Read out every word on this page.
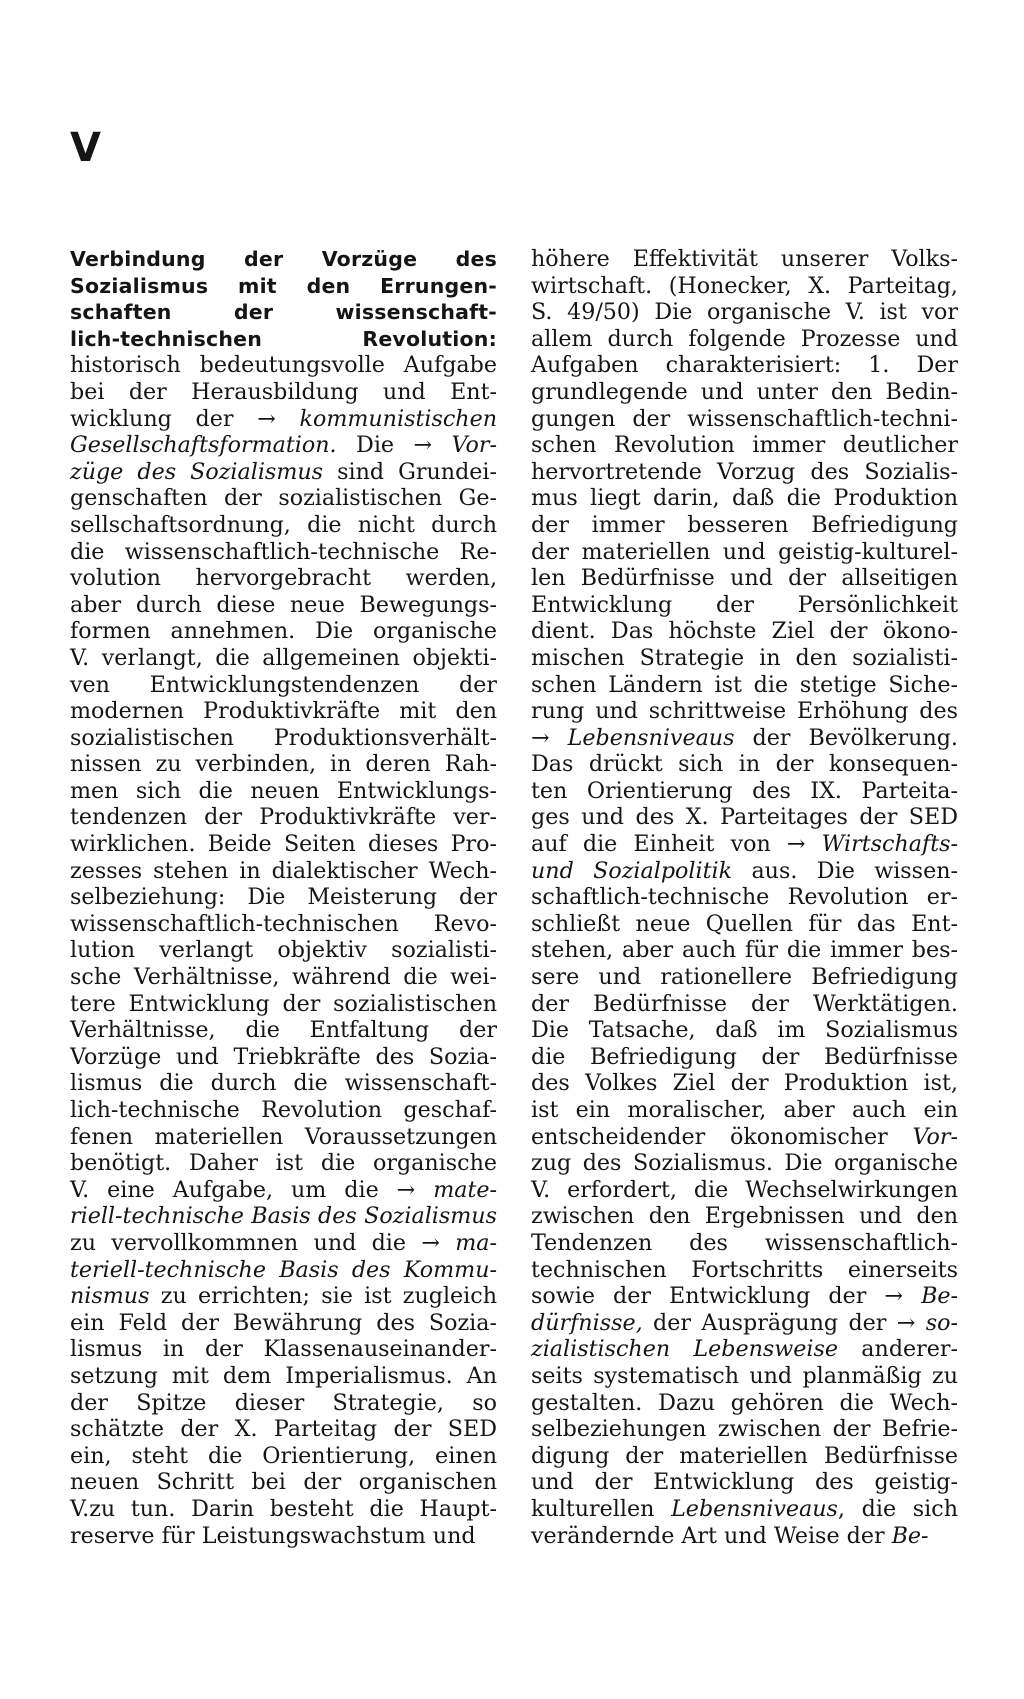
V
Verbindung der Vorzüge des
Sozialismus mit den Errungen-
schaften der wissenschaft-
lich-technischen Revolution:
historisch bedeutungsvolle Aufgabe
bei der Herausbildung und Ent-
wicklung der → kommunistischen
Gesellschaftsformation. Die → Vor-
züge des Sozialismus sind Grundei-
genschaften der sozialistischen Ge-
sellschaftsordnung, die nicht durch
die wissenschaftlich-technische Re-
volution hervorgebracht werden,
aber durch diese neue Bewegungs-
formen annehmen. Die organische
V. verlangt, die allgemeinen objekti-
ven Entwicklungstendenzen der
modernen Produktivkräfte mit den
sozialistischen Produktionsverhält-
nissen zu verbinden, in deren Rah-
men sich die neuen Entwicklungs-
tendenzen der Produktivkräfte ver-
wirklichen. Beide Seiten dieses Pro-
zesses stehen in dialektischer Wech-
selbeziehung: Die Meisterung der
wissenschaftlich-technischen Revo-
lution verlangt objektiv sozialisti-
sche Verhältnisse, während die wei-
tere Entwicklung der sozialistischen
Verhältnisse, die Entfaltung der
Vorzüge und Triebkräfte des Sozia-
lismus die durch die wissenschaft-
lich-technische Revolution geschaf-
fenen materiellen Voraussetzungen
benötigt. Daher ist die organische
V. eine Aufgabe, um die → mate-
riell-technische Basis des Sozialismus
zu vervollkommnen und die → ma-
teriell-technische Basis des Kommu-
nismus zu errichten; sie ist zugleich
ein Feld der Bewährung des Sozia-
lismus in der Klassenauseinander-
setzung mit dem Imperialismus. An
der Spitze dieser Strategie, so
schätzte der X. Parteitag der SED
ein, steht die Orientierung, einen
neuen Schritt bei der organischen
V.zu tun. Darin besteht die Haupt-
reserve für Leistungswachstum und
höhere Effektivität unserer Volks-
wirtschaft. (Honecker, X. Parteitag,
S. 49/50) Die organische V. ist vor
allem durch folgende Prozesse und
Aufgaben charakterisiert: 1. Der
grundlegende und unter den Bedin-
gungen der wissenschaftlich-techni-
schen Revolution immer deutlicher
hervortretende Vorzug des Sozialis-
mus liegt darin, daß die Produktion
der immer besseren Befriedigung
der materiellen und geistig-kulturel-
len Bedürfnisse und der allseitigen
Entwicklung der Persönlichkeit
dient. Das höchste Ziel der ökono-
mischen Strategie in den sozialisti-
schen Ländern ist die stetige Siche-
rung und schrittweise Erhöhung des
→ Lebensniveaus der Bevölkerung.
Das drückt sich in der konsequen-
ten Orientierung des IX. Parteita-
ges und des X. Parteitages der SED
auf die Einheit von → Wirtschafts-
und Sozialpolitik aus. Die wissen-
schaftlich-technische Revolution er-
schließt neue Quellen für das Ent-
stehen, aber auch für die immer bes-
sere und rationellere Befriedigung
der Bedürfnisse der Werktätigen.
Die Tatsache, daß im Sozialismus
die Befriedigung der Bedürfnisse
des Volkes Ziel der Produktion ist,
ist ein moralischer, aber auch ein
entscheidender ökonomischer Vor-
zug des Sozialismus. Die organische
V. erfordert, die Wechselwirkungen
zwischen den Ergebnissen und den
Tendenzen des wissenschaftlich-
technischen Fortschritts einerseits
sowie der Entwicklung der → Be-
dürfnisse, der Ausprägung der → so-
zialistischen Lebensweise anderer-
seits systematisch und planmäßig zu
gestalten. Dazu gehören die Wech-
selbeziehungen zwischen der Befrie-
digung der materiellen Bedürfnisse
und der Entwicklung des geistig-
kulturellen Lebensniveaus, die sich
verändernde Art und Weise der Be-
